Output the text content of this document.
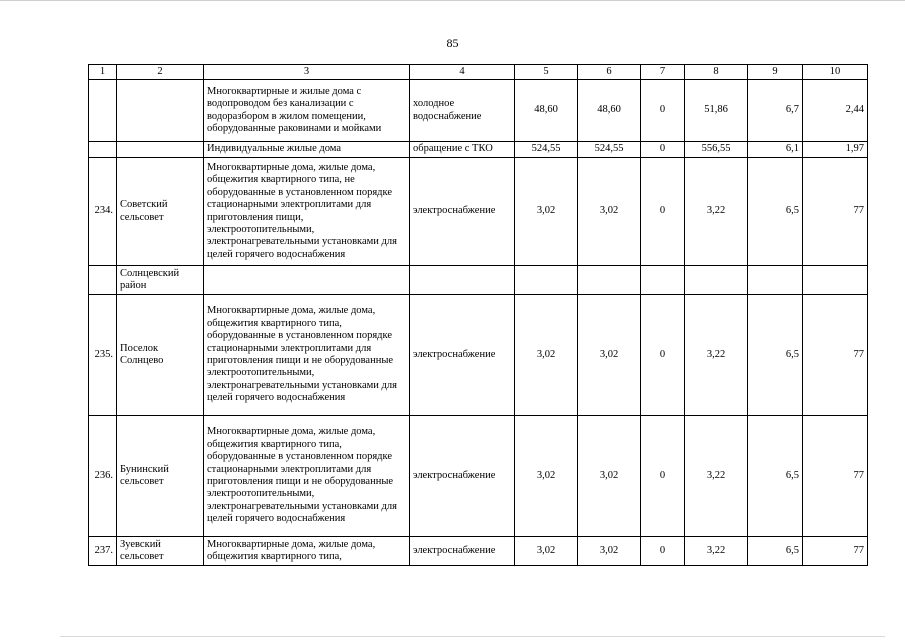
85
1	2	3	4	5	6	7	8	9	10
		Многоквартирные и жилые дома с водопроводом без канализации с водоразбором в жилом помещении, оборудованные раковинами и мойками	холодное водоснабжение	48,60	48,60	0	51,86	6,7	2,44
		Индивидуальные жилые дома	обращение с ТКО	524,55	524,55	0	556,55	6,1	1,97
234.	Советский сельсовет	Многоквартирные дома, жилые дома, общежития квартирного типа, не оборудованные в установленном порядке стационарными электроплитами для приготовления пищи, электроотопительными, электронагревательными установками для целей горячего водоснабжения	электроснабжение	3,02	3,02	0	3,22	6,5	77
	Солнцевский район								
235.	Поселок Солнцево	Многоквартирные дома, жилые дома, общежития квартирного типа, оборудованные в установленном порядке стационарными электроплитами для приготовления пищи и не оборудованные электроотопительными, электронагревательными установками для целей горячего водоснабжения	электроснабжение	3,02	3,02	0	3,22	6,5	77
236.	Бунинский сельсовет	Многоквартирные дома, жилые дома, общежития квартирного типа, оборудованные в установленном порядке стационарными электроплитами для приготовления пищи и не оборудованные электроотопительными, электронагревательными установками для целей горячего водоснабжения	электроснабжение	3,02	3,02	0	3,22	6,5	77
237.	Зуевский сельсовет	Многоквартирные дома, жилые дома, общежития квартирного типа,	электроснабжение	3,02	3,02	0	3,22	6,5	77
